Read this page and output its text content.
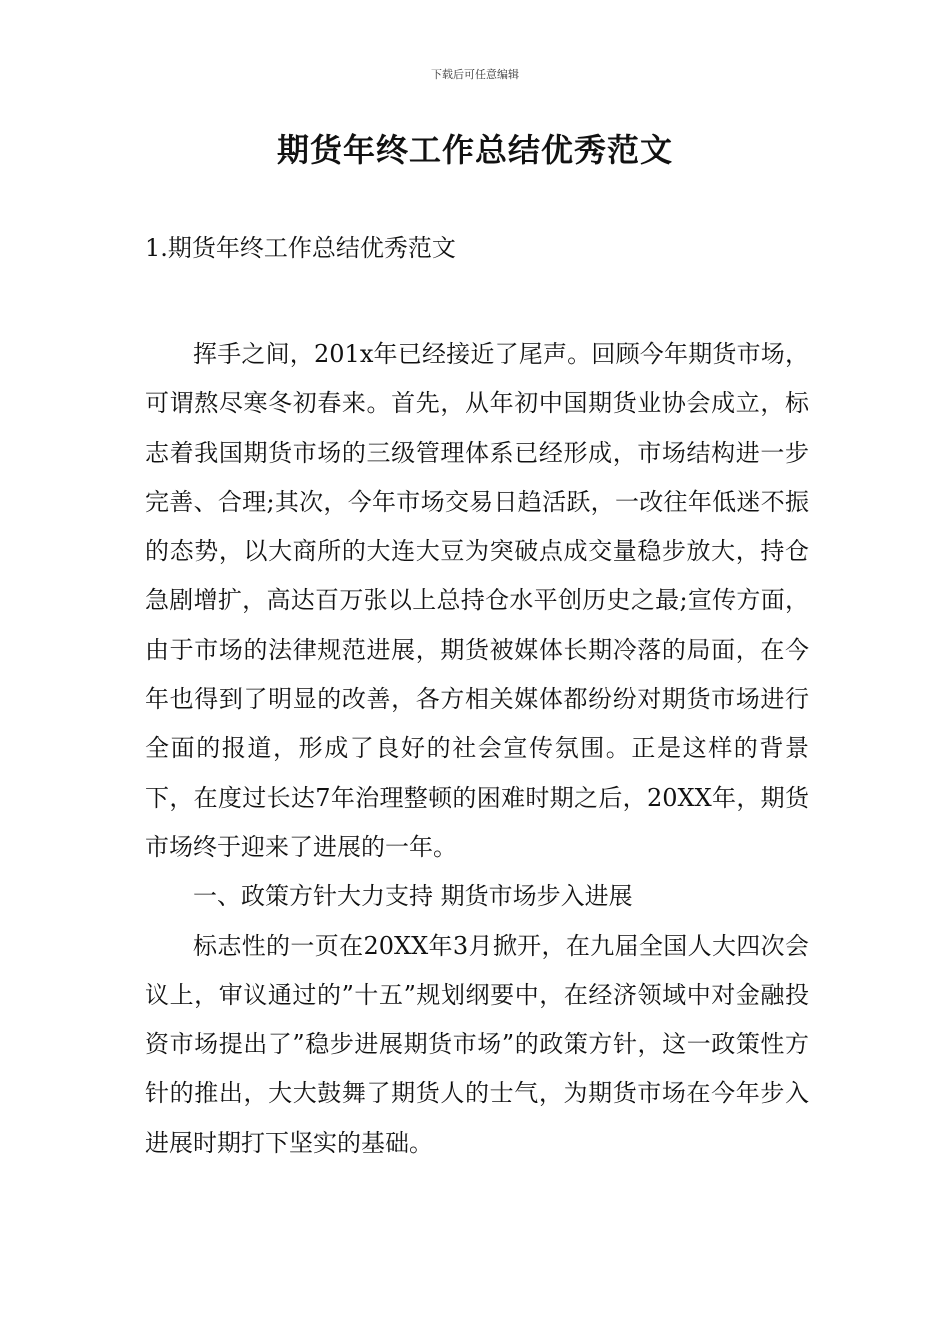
下载后可任意编辑
期货年终工作总结优秀范文
1.期货年终工作总结优秀范文

挥手之间，201x年已经接近了尾声。回顾今年期货市场，可谓熬尽寒冬初春来。首先，从年初中国期货业协会成立，标志着我国期货市场的三级管理体系已经形成，市场结构进一步完善、合理;其次，今年市场交易日趋活跃，一改往年低迷不振的态势，以大商所的大连大豆为突破点成交量稳步放大，持仓急剧增扩，高达百万张以上总持仓水平创历史之最;宣传方面，由于市场的法律规范进展，期货被媒体长期冷落的局面，在今年也得到了明显的改善，各方相关媒体都纷纷对期货市场进行全面的报道，形成了良好的社会宣传氛围。正是这样的背景下，在度过长达7年治理整顿的困难时期之后，20XX年，期货市场终于迎来了进展的一年。

一、政策方针大力支持 期货市场步入进展

标志性的一页在20XX年3月掀开，在九届全国人大四次会议上，审议通过的”十五”规划纲要中，在经济领域中对金融投资市场提出了”稳步进展期货市场”的政策方针，这一政策性方针的推出，大大鼓舞了期货人的士气，为期货市场在今年步入进展时期打下坚实的基础。
